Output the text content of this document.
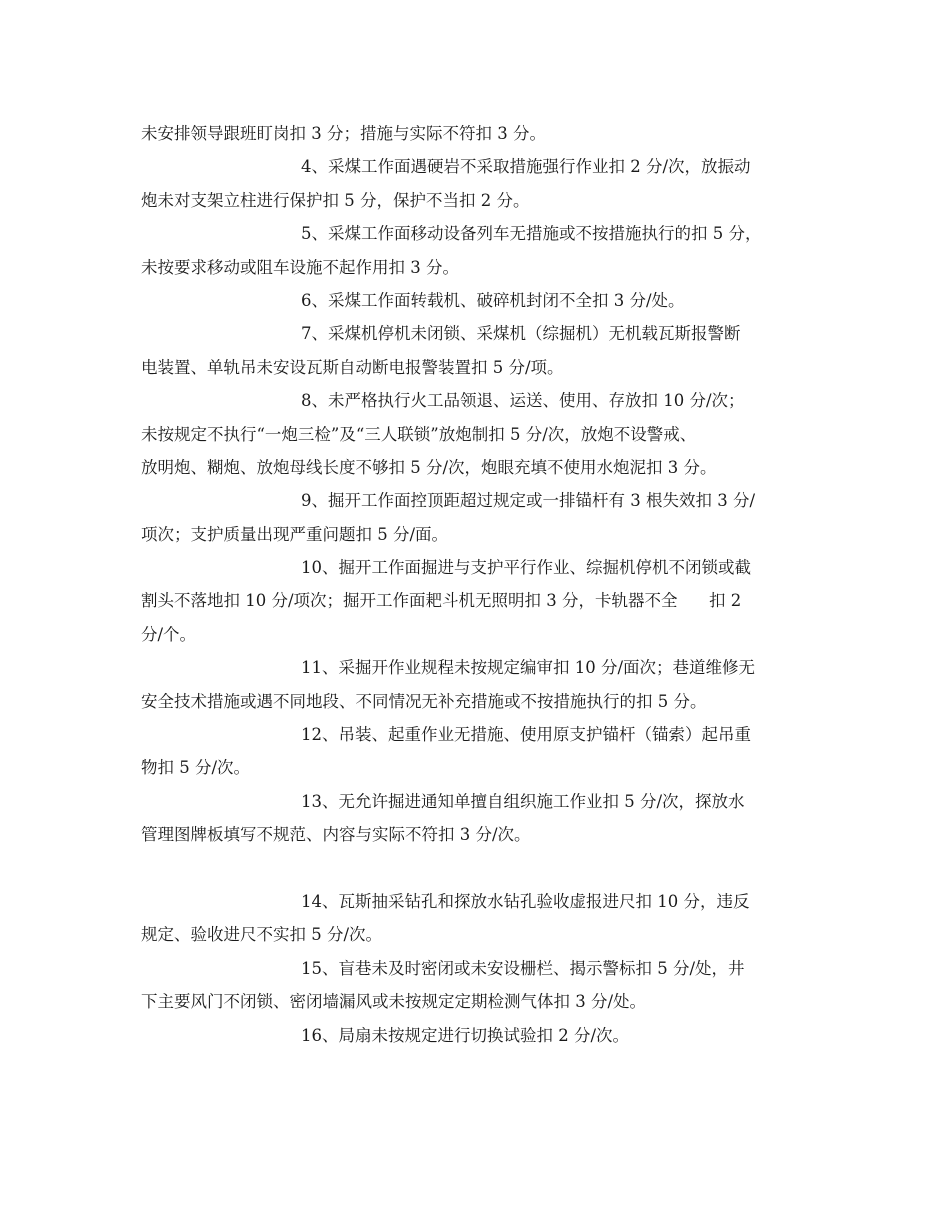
未安排领导跟班盯岗扣 3 分；措施与实际不符扣 3 分。
4、采煤工作面遇硬岩不采取措施强行作业扣 2 分/次，放振动
炮未对支架立柱进行保护扣 5 分，保护不当扣 2 分。
5、采煤工作面移动设备列车无措施或不按措施执行的扣 5 分，
未按要求移动或阻车设施不起作用扣 3 分。
6、采煤工作面转载机、破碎机封闭不全扣 3 分/处。
7、采煤机停机未闭锁、采煤机（综掘机）无机载瓦斯报警断
电装置、单轨吊未安设瓦斯自动断电报警装置扣 5 分/项。
8、未严格执行火工品领退、运送、使用、存放扣 10 分/次；
未按规定不执行“一炮三检”及“三人联锁”放炮制扣 5 分/次，放炮不设警戒、
放明炮、糊炮、放炮母线长度不够扣 5 分/次，炮眼充填不使用水炮泥扣 3 分。
9、掘开工作面控顶距超过规定或一排锚杆有 3 根失效扣 3 分/
项次；支护质量出现严重问题扣 5 分/面。
10、掘开工作面掘进与支护平行作业、综掘机停机不闭锁或截
割头不落地扣 10 分/项次；掘开工作面耙斗机无照明扣 3 分，卡轨器不全      扣 2
分/个。
11、采掘开作业规程未按规定编审扣 10 分/面次；巷道维修无
安全技术措施或遇不同地段、不同情况无补充措施或不按措施执行的扣 5 分。
12、吊装、起重作业无措施、使用原支护锚杆（锚索）起吊重
物扣 5 分/次。
13、无允许掘进通知单擅自组织施工作业扣 5 分/次，探放水
管理图牌板填写不规范、内容与实际不符扣 3 分/次。
14、瓦斯抽采钻孔和探放水钻孔验收虚报进尺扣 10 分，违反
规定、验收进尺不实扣 5 分/次。
15、盲巷未及时密闭或未安设栅栏、揭示警标扣 5 分/处，井
下主要风门不闭锁、密闭墙漏风或未按规定定期检测气体扣 3 分/处。
16、局扇未按规定进行切换试验扣 2 分/次。
